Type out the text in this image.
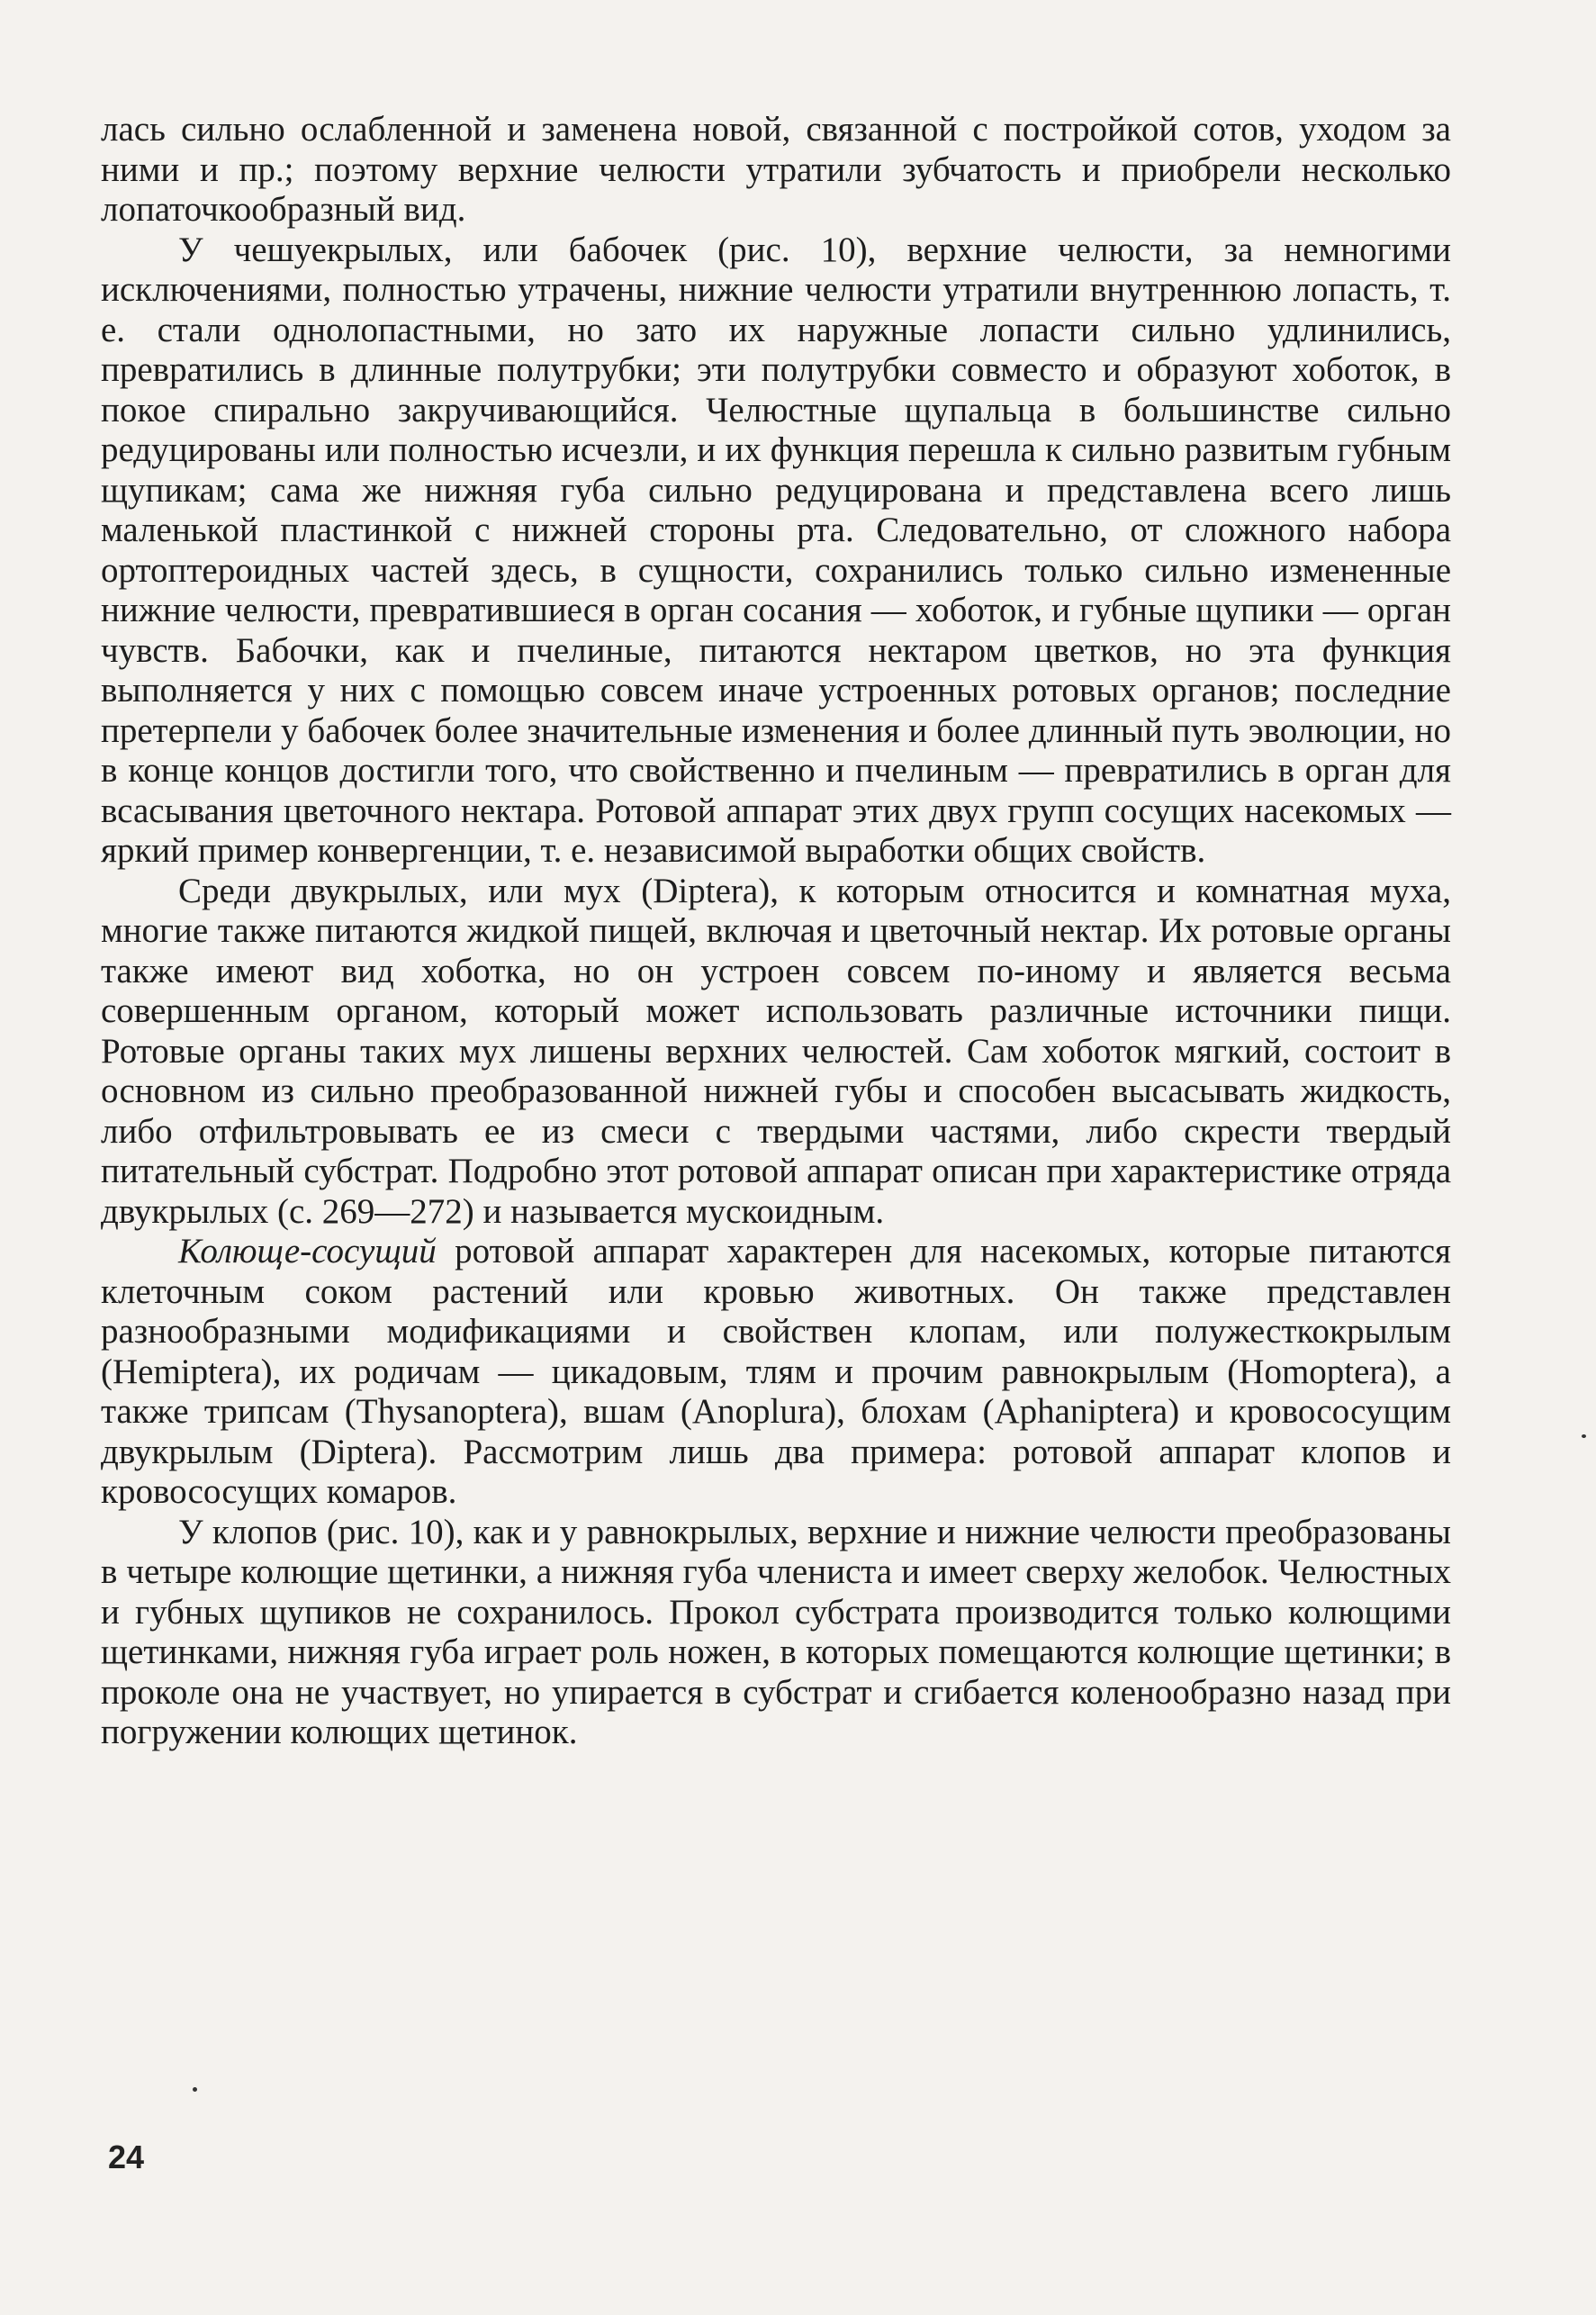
лась сильно ослабленной и заменена новой, связанной с постройкой сотов, уходом за ними и пр.; поэтому верхние челюсти утратили зубчатость и приобрели несколько лопаточкообразный вид.

У чешуекрылых, или бабочек (рис. 10), верхние челюсти, за немногими исключениями, полностью утрачены, нижние челюсти утратили внутреннюю лопасть, т. е. стали однолопастными, но зато их наружные лопасти сильно удлинились, превратились в длинные полутрубки; эти полутрубки совместо и образуют хоботок, в покое спирально закручивающийся. Челюстные щупальца в большинстве сильно редуцированы или полностью исчезли, и их функция перешла к сильно развитым губным щупикам; сама же нижняя губа сильно редуцирована и представлена всего лишь маленькой пластинкой с нижней стороны рта. Следовательно, от сложного набора ортоптероидных частей здесь, в сущности, сохранились только сильно измененные нижние челюсти, превратившиеся в орган сосания — хоботок, и губные щупики — орган чувств. Бабочки, как и пчелиные, питаются нектаром цветков, но эта функция выполняется у них с помощью совсем иначе устроенных ротовых органов; последние претерпели у бабочек более значительные изменения и более длинный путь эволюции, но в конце концов достигли того, что свойственно и пчелиным — превратились в орган для всасывания цветочного нектара. Ротовой аппарат этих двух групп сосущих насекомых — яркий пример конвергенции, т. е. независимой выработки общих свойств.

Среди двукрылых, или мух (Diptera), к которым относится и комнатная муха, многие также питаются жидкой пищей, включая и цветочный нектар. Их ротовые органы также имеют вид хоботка, но он устроен совсем по-иному и является весьма совершенным органом, который может использовать различные источники пищи. Ротовые органы таких мух лишены верхних челюстей. Сам хоботок мягкий, состоит в основном из сильно преобразованной нижней губы и способен высасывать жидкость, либо отфильтровывать ее из смеси с твердыми частями, либо скрести твердый питательный субстрат. Подробно этот ротовой аппарат описан при характеристике отряда двукрылых (с. 269—272) и называется мускоидным.

Колюще-сосущий ротовой аппарат характерен для насекомых, которые питаются клеточным соком растений или кровью животных. Он также представлен разнообразными модификациями и свойствен клопам, или полужесткокрылым (Hemiptera), их родичам — цикадовым, тлям и прочим равнокрылым (Homoptera), а также трипсам (Thysanoptera), вшам (Anoplura), блохам (Aphaniptera) и кровососущим двукрылым (Diptera). Рассмотрим лишь два примера: ротовой аппарат клопов и кровососущих комаров.

У клопов (рис. 10), как и у равнокрылых, верхние и нижние челюсти преобразованы в четыре колющие щетинки, а нижняя губа члениста и имеет сверху желобок. Челюстных и губных щупиков не сохранилось. Прокол субстрата производится только колющими щетинками, нижняя губа играет роль ножен, в которых помещаются колющие щетинки; в проколе она не участвует, но упирается в субстрат и сгибается коленообразно назад при погружении колющих щетинок.

24
